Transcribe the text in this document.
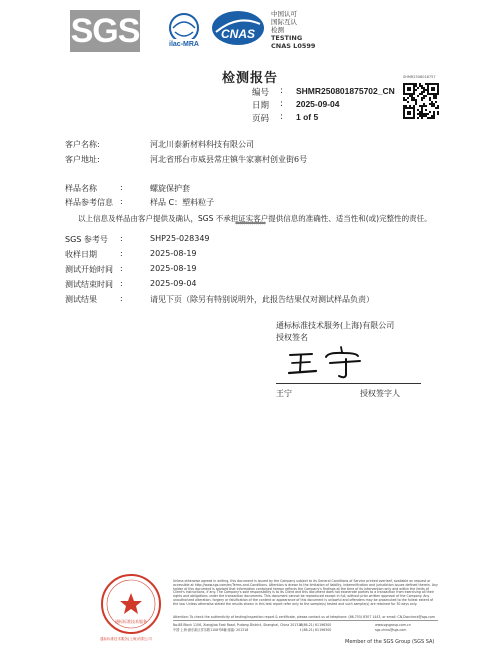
SGS	ilac-MRA
CNAS
中国认可
国际互认
检测
TESTING
CNAS L0599
检测报告
编号 : SHMR250801875702_CN
日期 : 2025-09-04
页码 : 1 of 5
SHMR2508018757
客户名称:	河北川泰新材料科技有限公司
客户地址:	河北省邢台市威县常庄镇牛家寨村创业街6号
样品名称	:	螺旋保护套
样品参考信息 :	样品 C：塑料粒子
以上信息及样品由客户提供及确认，SGS 不承担证实客户提供信息的准确性、适当性和(或)完整性的责任。
***************
SGS 参考号 :	SHP25-028349
收样日期	:	2025-08-19
测试开始时间 :	2025-08-19
测试结束时间 :	2025-09-04
测试结果	:	请见下页（除另有特别说明外，此报告结果仅对测试样品负责）
通标标准技术服务(上海)有限公司
授权签名
王宁	授权签字人
通标标准技术服务
通标标准技术服务(上海)有限公司
Unless otherwise agreed in writing, this document is issued by the Company subject to its General Conditions of Service printed overleaf, available on request or accessible at http://www.sgs.com/en/Terms-and-Conditions. Attention is drawn to the limitation of liability, indemnification and jurisdiction issues defined therein. Any holder of this document is advised that information contained hereon reflects the Company's findings at the time of its intervention only and within the limits of Client's instructions, if any. The Company's sole responsibility is to its Client and this document does not exonerate parties to a transaction from exercising all their rights and obligations under the transaction documents. This document cannot be reproduced except in full, without prior written approval of the Company. Any unauthorized alteration, forgery or falsification of the content or appearance of this document is unlawful and offenders may be prosecuted to the fullest extent of the law. Unless otherwise stated the results shown in this test report refer only to the sample(s) tested and such sample(s) are retained for 30 days only.
Attention: To check the authenticity of testing/inspection report & certificate, please contact us at telephone: (86-755) 8307 1443, or email: CN.Doccheck@sgs.com
No.88 Block 1106, Xiangjiao East Road, Pudong District, Shanghai, China 201318
中国·上海·浦东新区祥乐路1108号8幢 邮编: 201318
t (86-21) 61196300
t (86-21) 61196300
www.sgsgroup.com.cn
sgs.china@sgs.com
Member of the SGS Group (SGS SA)
